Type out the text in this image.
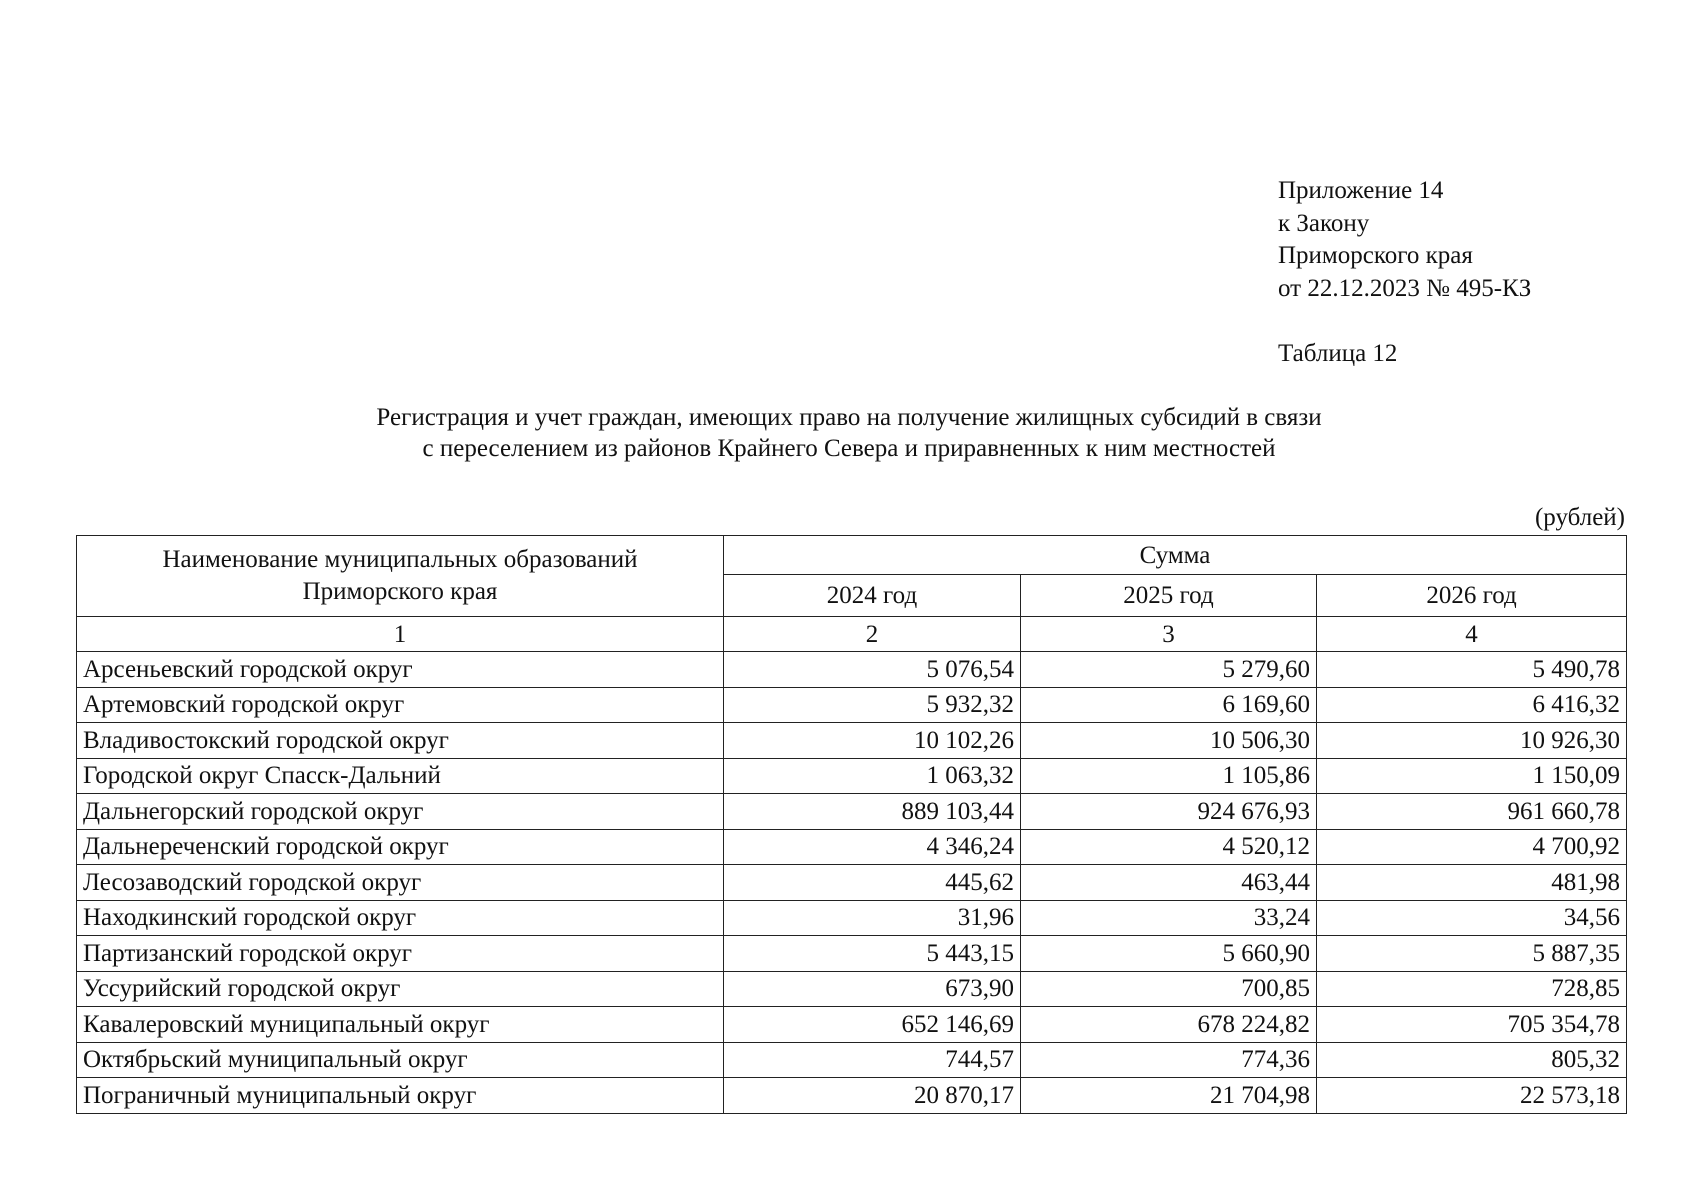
Приложение 14
к Закону
Приморского края
от 22.12.2023 № 495-КЗ
Таблица 12
Регистрация и учет граждан, имеющих право на получение жилищных субсидий в связи
с переселением из районов Крайнего Севера и приравненных к ним местностей
(рублей)
Наименование муниципальных образований
Приморского края	Сумма		
	2024 год	2025 год	2026 год
1	2	3	4
Арсеньевский городской округ	5 076,54	5 279,60	5 490,78
Артемовский городской округ	5 932,32	6 169,60	6 416,32
Владивостокский городской округ	10 102,26	10 506,30	10 926,30
Городской округ Спасск-Дальний	1 063,32	1 105,86	1 150,09
Дальнегорский городской округ	889 103,44	924 676,93	961 660,78
Дальнереченский городской округ	4 346,24	4 520,12	4 700,92
Лесозаводский городской округ	445,62	463,44	481,98
Находкинский городской округ	31,96	33,24	34,56
Партизанский городской округ	5 443,15	5 660,90	5 887,35
Уссурийский городской округ	673,90	700,85	728,85
Кавалеровский муниципальный округ	652 146,69	678 224,82	705 354,78
Октябрьский муниципальный округ	744,57	774,36	805,32
Пограничный муниципальный округ	20 870,17	21 704,98	22 573,18
